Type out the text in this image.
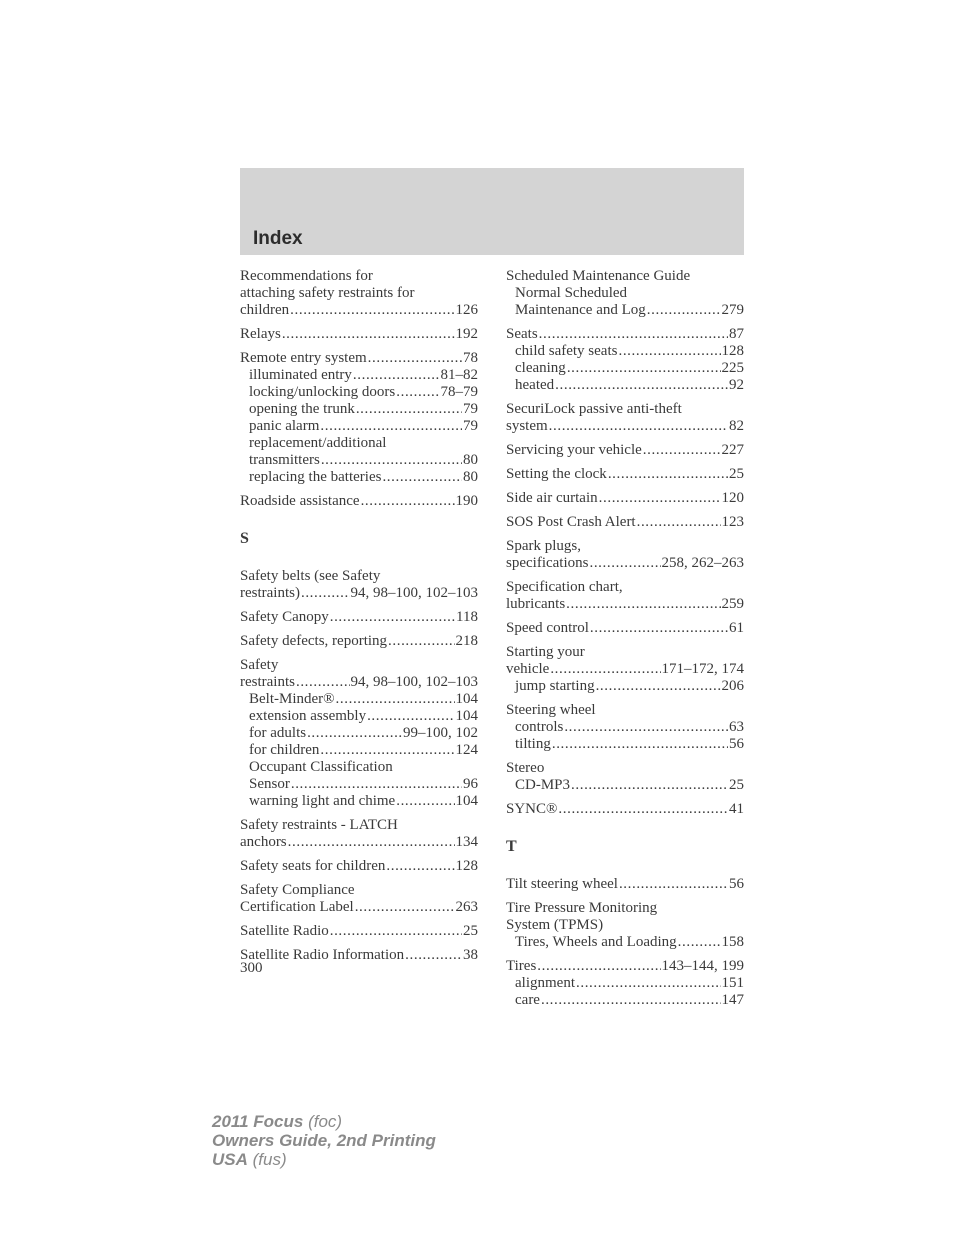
Index
Recommendations for
attaching safety restraints for
children .....	126
Relays .....	192
Remote entry system .....	78
illuminated entry .....	81–82
locking/unlocking doors .....	78–79
opening the trunk .....	79
panic alarm .....	79
replacement/additional
transmitters .....	80
replacing the batteries .....	80
Roadside assistance .....	190
S
Safety belts (see Safety
restraints) .....	94, 98–100, 102–103
Safety Canopy .....	118
Safety defects, reporting .....	218
Safety
restraints .....	94, 98–100, 102–103
Belt-Minder® .....	104
extension assembly .....	104
for adults .....	99–100, 102
for children .....	124
Occupant Classification
Sensor .....	96
warning light and chime .....	104
Safety restraints - LATCH
anchors .....	134
Safety seats for children .....	128
Safety Compliance
Certification Label .....	263
Satellite Radio .....	25
Satellite Radio Information .....	38
Scheduled Maintenance Guide
Normal Scheduled
Maintenance and Log .....	279
Seats .....	87
child safety seats .....	128
cleaning .....	225
heated .....	92
SecuriLock passive anti-theft
system .....	82
Servicing your vehicle .....	227
Setting the clock .....	25
Side air curtain .....	120
SOS Post Crash Alert .....	123
Spark plugs,
specifications .....	258, 262–263
Specification chart,
lubricants .....	259
Speed control .....	61
Starting your
vehicle .....	171–172, 174
jump starting .....	206
Steering wheel
controls .....	63
tilting .....	56
Stereo
CD-MP3 .....	25
SYNC® .....	41
T
Tilt steering wheel .....	56
Tire Pressure Monitoring
System (TPMS)
Tires, Wheels and Loading .....	158
Tires .....	143–144, 199
alignment .....	151
care .....	147
300
2011 Focus (foc)
Owners Guide, 2nd Printing
USA (fus)
